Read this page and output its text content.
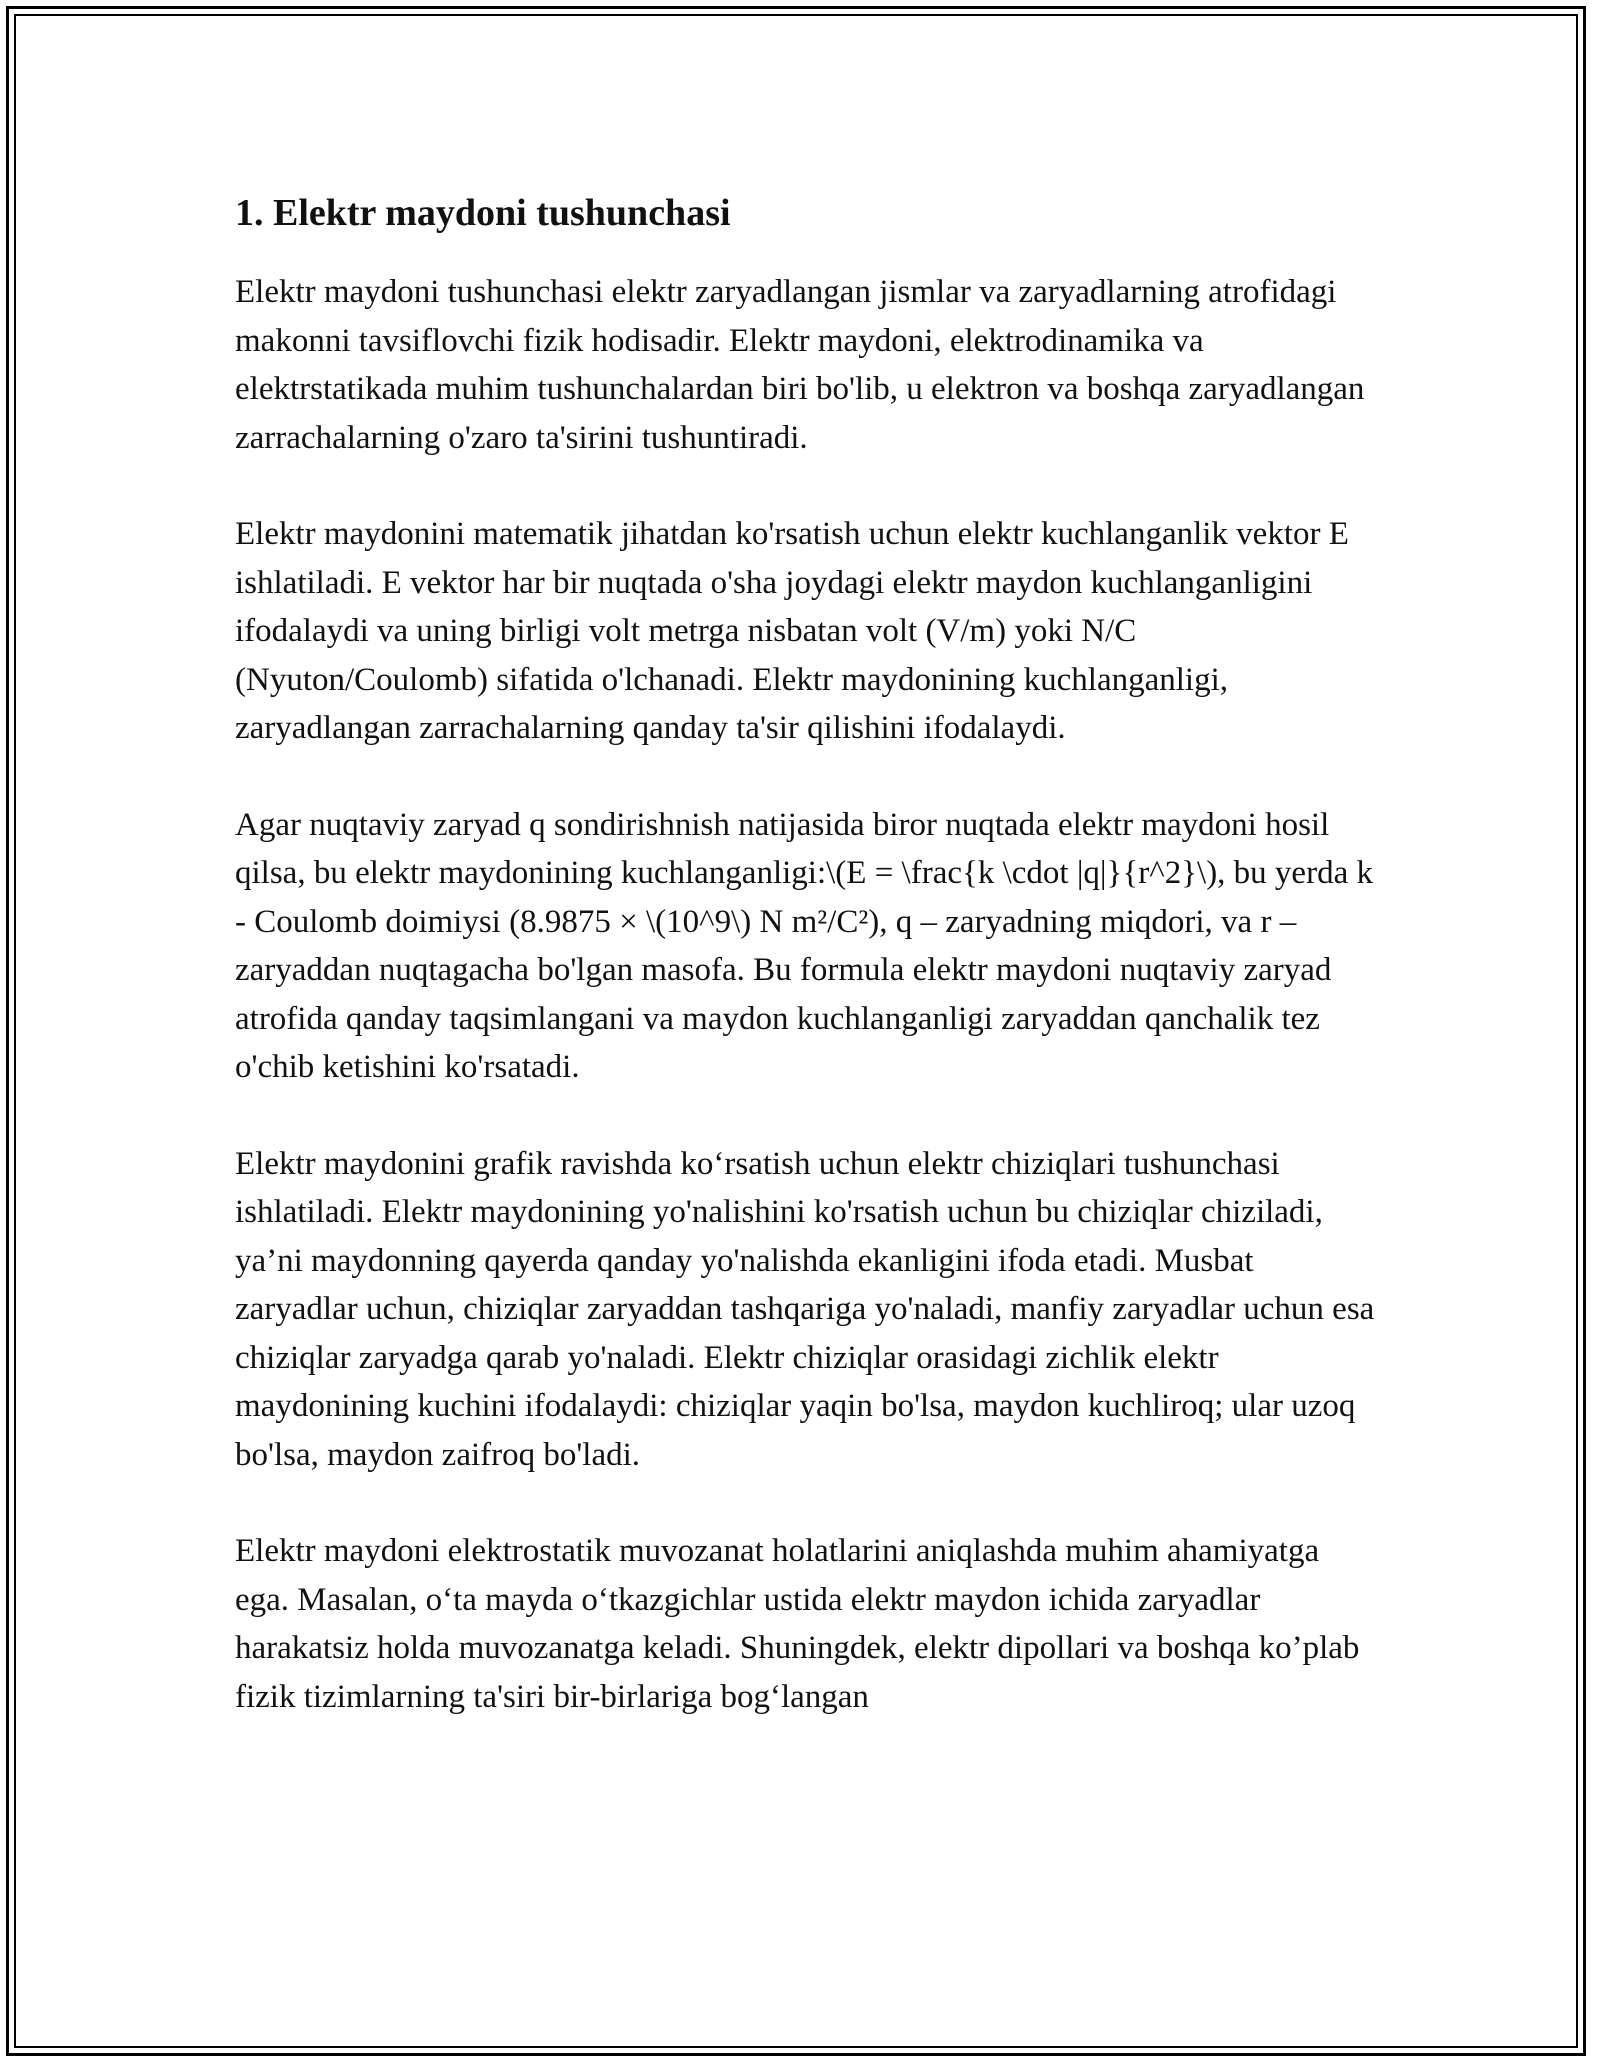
1. Elektr maydoni tushunchasi

Elektr maydoni tushunchasi elektr zaryadlangan jismlar va zaryadlarning atrofidagi makonni tavsiflovchi fizik hodisadir. Elektr maydoni, elektrodinamika va elektrstatikada muhim tushunchalardan biri bo'lib, u elektron va boshqa zaryadlangan zarrachalarning o'zaro ta'sirini tushuntiradi.

Elektr maydonini matematik jihatdan ko'rsatish uchun elektr kuchlanganlik vektor E ishlatiladi. E vektor har bir nuqtada o'sha joydagi elektr maydon kuchlanganligini ifodalaydi va uning birligi volt metrga nisbatan volt (V/m) yoki N/C (Nyuton/Coulomb) sifatida o'lchanadi. Elektr maydonining kuchlanganligi, zaryadlangan zarrachalarning qanday ta'sir qilishini ifodalaydi.

Agar nuqtaviy zaryad q sondirishnish natijasida biror nuqtada elektr maydoni hosil qilsa, bu elektr maydonining kuchlanganligi:\(E = \frac{k \cdot |q|}{r^2}\), bu yerda k - Coulomb doimiysi (8.9875 × \(10^9\) N m²/C²), q – zaryadning miqdori, va r – zaryaddan nuqtagacha bo'lgan masofa. Bu formula elektr maydoni nuqtaviy zaryad atrofida qanday taqsimlangani va maydon kuchlanganligi zaryaddan qanchalik tez o'chib ketishini ko'rsatadi.

Elektr maydonini grafik ravishda ko‘rsatish uchun elektr chiziqlari tushunchasi ishlatiladi. Elektr maydonining yo'nalishini ko'rsatish uchun bu chiziqlar chiziladi, ya’ni maydonning qayerda qanday yo'nalishda ekanligini ifoda etadi. Musbat zaryadlar uchun, chiziqlar zaryaddan tashqariga yo'naladi, manfiy zaryadlar uchun esa chiziqlar zaryadga qarab yo'naladi. Elektr chiziqlar orasidagi zichlik elektr maydonining kuchini ifodalaydi: chiziqlar yaqin bo'lsa, maydon kuchliroq; ular uzoq bo'lsa, maydon zaifroq bo'ladi.

Elektr maydoni elektrostatik muvozanat holatlarini aniqlashda muhim ahamiyatga ega. Masalan, o‘ta mayda o‘tkazgichlar ustida elektr maydon ichida zaryadlar harakatsiz holda muvozanatga keladi. Shuningdek, elektr dipollari va boshqa ko’plab fizik tizimlarning ta'siri bir-birlariga bog‘langan
